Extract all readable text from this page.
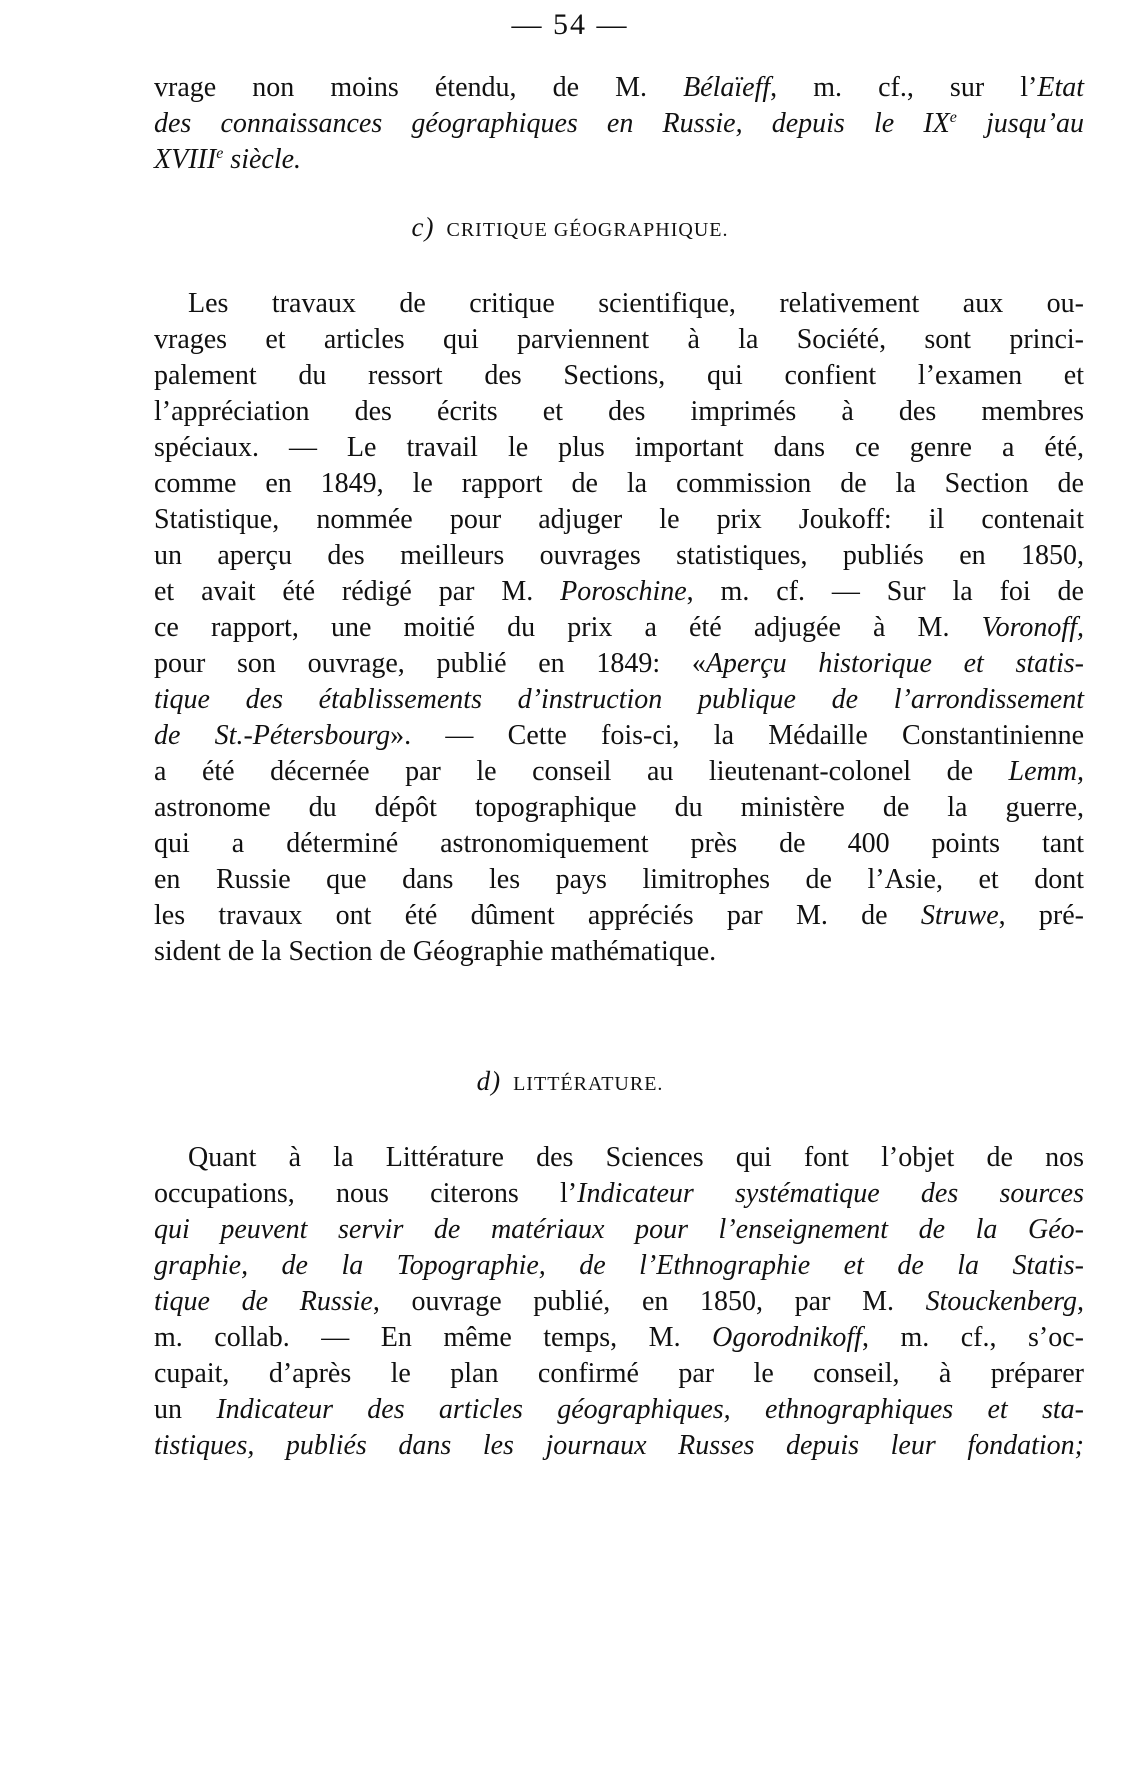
— 54 —
vrage non moins étendu, de M. Bélaïeff, m. cf., sur l’Etat
des connaissances géographiques en Russie, depuis le IXe jusqu’au
XVIIIe siècle.
c) CRITIQUE GÉOGRAPHIQUE.
Les travaux de critique scientifique, relativement aux ou-
vrages et articles qui parviennent à la Société, sont princi-
palement du ressort des Sections, qui confient l’examen et
l’appréciation des écrits et des imprimés à des membres
spéciaux. — Le travail le plus important dans ce genre a été,
comme en 1849, le rapport de la commission de la Section de
Statistique, nommée pour adjuger le prix Joukoff: il contenait
un aperçu des meilleurs ouvrages statistiques, publiés en 1850,
et avait été rédigé par M. Poroschine, m. cf. — Sur la foi de
ce rapport, une moitié du prix a été adjugée à M. Voronoff,
pour son ouvrage, publié en 1849: «Aperçu historique et statis-
tique des établissements d’instruction publique de l’arrondissement
de St.-Pétersbourg». — Cette fois-ci, la Médaille Constantinienne
a été décernée par le conseil au lieutenant-colonel de Lemm,
astronome du dépôt topographique du ministère de la guerre,
qui a déterminé astronomiquement près de 400 points tant
en Russie que dans les pays limitrophes de l’Asie, et dont
les travaux ont été dûment appréciés par M. de Struwe, pré-
sident de la Section de Géographie mathématique.
d) LITTÉRATURE.
Quant à la Littérature des Sciences qui font l’objet de nos
occupations, nous citerons l’Indicateur systématique des sources
qui peuvent servir de matériaux pour l’enseignement de la Géo-
graphie, de la Topographie, de l’Ethnographie et de la Statis-
tique de Russie, ouvrage publié, en 1850, par M. Stouckenberg,
m. collab. — En même temps, M. Ogorodnikoff, m. cf., s’oc-
cupait, d’après le plan confirmé par le conseil, à préparer
un Indicateur des articles géographiques, ethnographiques et sta-
tistiques, publiés dans les journaux Russes depuis leur fondation;
